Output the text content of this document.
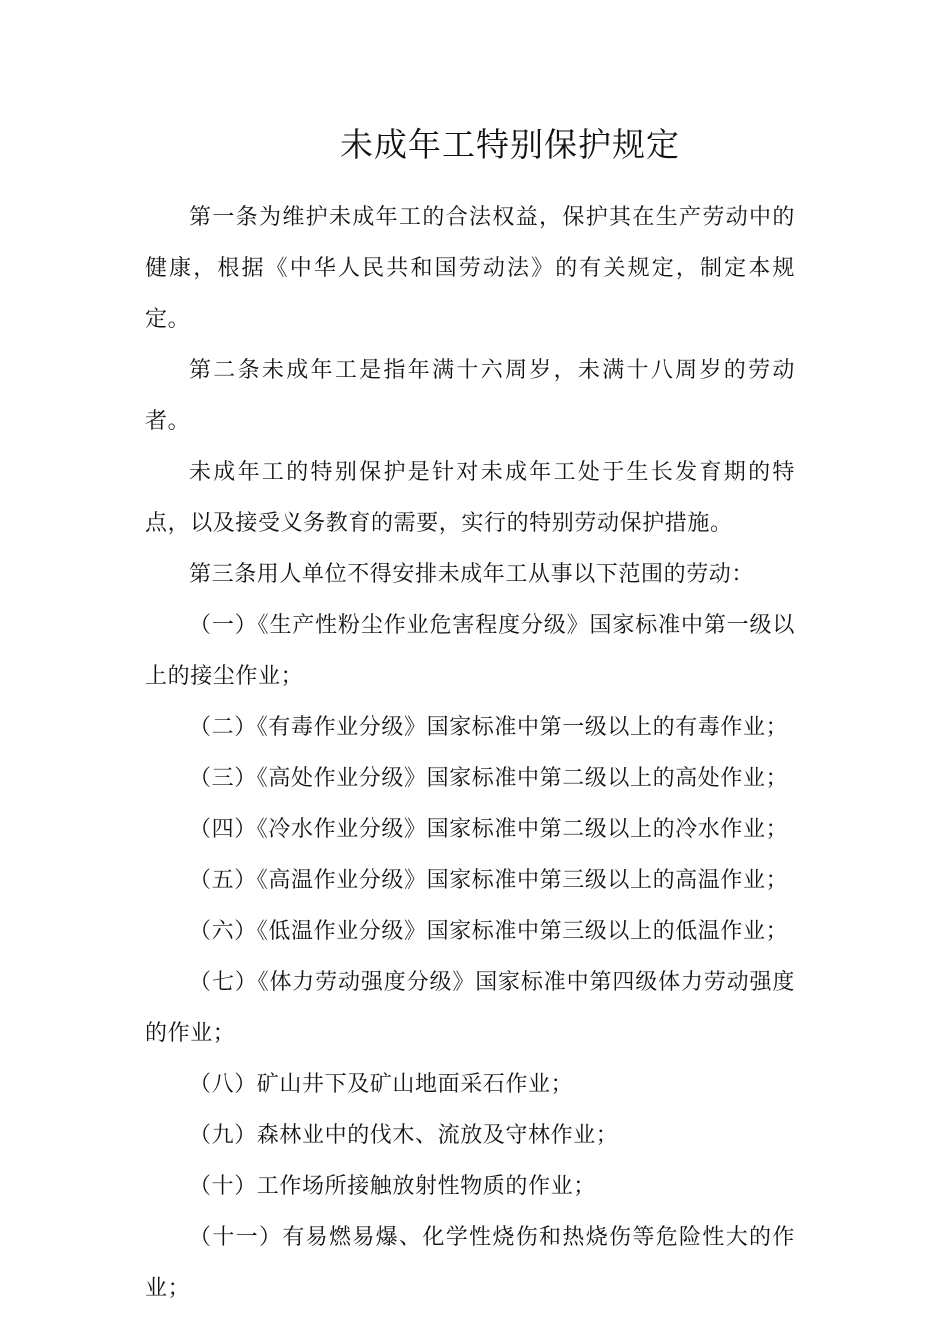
未成年工特别保护规定

第一条为维护未成年工的合法权益，保护其在生产劳动中的健康，根据《中华人民共和国劳动法》的有关规定，制定本规定。

第二条未成年工是指年满十六周岁，未满十八周岁的劳动者。

未成年工的特别保护是针对未成年工处于生长发育期的特点，以及接受义务教育的需要，实行的特别劳动保护措施。

第三条用人单位不得安排未成年工从事以下范围的劳动：

（一）《生产性粉尘作业危害程度分级》国家标准中第一级以上的接尘作业；

（二）《有毒作业分级》国家标准中第一级以上的有毒作业；

（三）《高处作业分级》国家标准中第二级以上的高处作业；

（四）《冷水作业分级》国家标准中第二级以上的冷水作业；

（五）《高温作业分级》国家标准中第三级以上的高温作业；

（六）《低温作业分级》国家标准中第三级以上的低温作业；

（七）《体力劳动强度分级》国家标准中第四级体力劳动强度的作业；

（八）矿山井下及矿山地面采石作业；

（九）森林业中的伐木、流放及守林作业；

（十）工作场所接触放射性物质的作业；

（十一）有易燃易爆、化学性烧伤和热烧伤等危险性大的作业；
